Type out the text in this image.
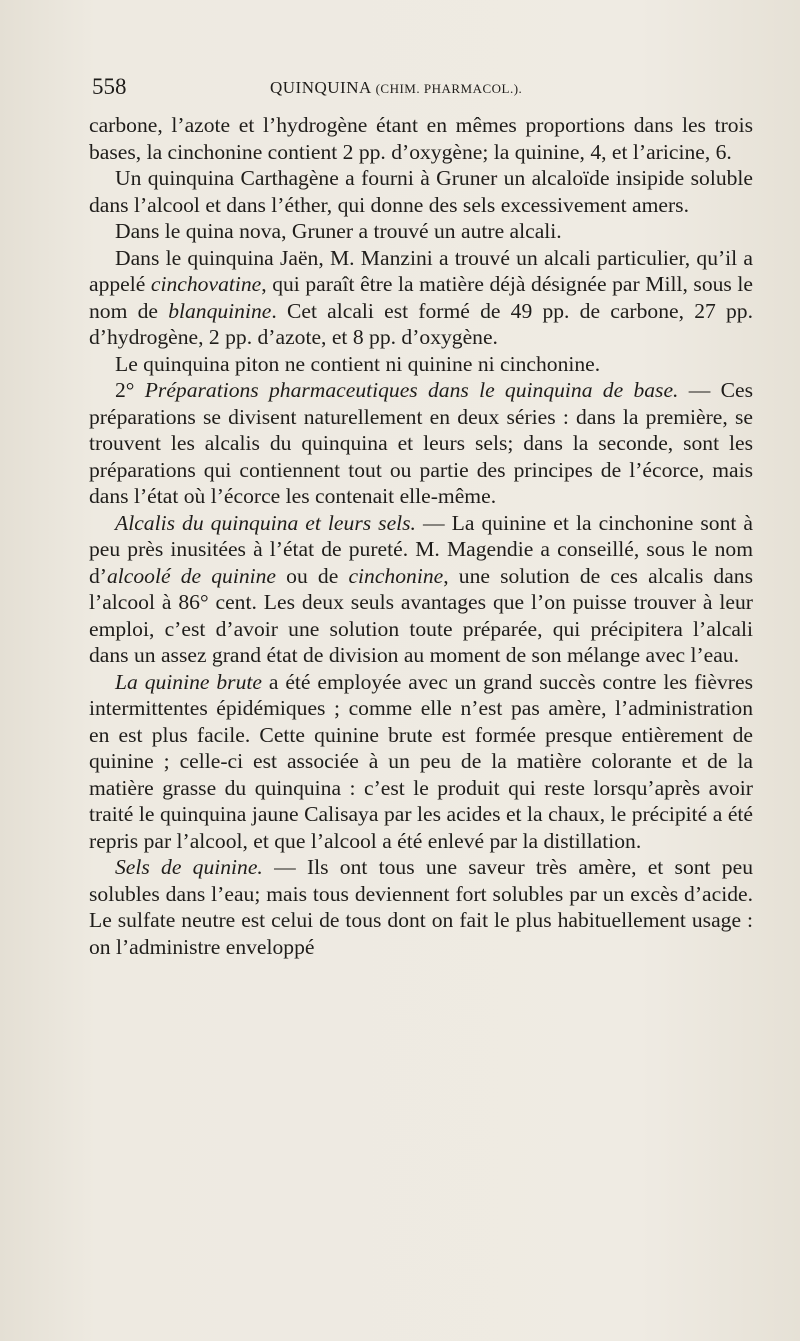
558	QUINQUINA (CHIM. PHARMACOL.).

carbone, l’azote et l’hydrogène étant en mêmes proportions dans les trois bases, la cinchonine contient 2 pp. d’oxygène; la quinine, 4, et l’aricine, 6.

Un quinquina Carthagène a fourni à Gruner un alcaloïde insipide soluble dans l’alcool et dans l’éther, qui donne des sels excessivement amers.

Dans le quina nova, Gruner a trouvé un autre alcali.

Dans le quinquina Jaën, M. Manzini a trouvé un alcali particulier, qu’il a appelé cinchovatine, qui paraît être la matière déjà désignée par Mill, sous le nom de blanquinine. Cet alcali est formé de 49 pp. de carbone, 27 pp. d’hydrogène, 2 pp. d’azote, et 8 pp. d’oxygène.

Le quinquina piton ne contient ni quinine ni cinchonine.

2° Préparations pharmaceutiques dans le quinquina de base. — Ces préparations se divisent naturellement en deux séries : dans la première, se trouvent les alcalis du quinquina et leurs sels; dans la seconde, sont les préparations qui contiennent tout ou partie des principes de l’écorce, mais dans l’état où l’écorce les contenait elle-même.

Alcalis du quinquina et leurs sels. — La quinine et la cinchonine sont à peu près inusitées à l’état de pureté. M. Magendie a conseillé, sous le nom d’alcoolé de quinine ou de cinchonine, une solution de ces alcalis dans l’alcool à 86° cent. Les deux seuls avantages que l’on puisse trouver à leur emploi, c’est d’avoir une solution toute préparée, qui précipitera l’alcali dans un assez grand état de division au moment de son mélange avec l’eau.

La quinine brute a été employée avec un grand succès contre les fièvres intermittentes épidémiques ; comme elle n’est pas amère, l’administration en est plus facile. Cette quinine brute est formée presque entièrement de quinine ; celle-ci est associée à un peu de la matière colorante et de la matière grasse du quinquina : c’est le produit qui reste lorsqu’après avoir traité le quinquina jaune Calisaya par les acides et la chaux, le précipité a été repris par l’alcool, et que l’alcool a été enlevé par la distillation.

Sels de quinine. — Ils ont tous une saveur très amère, et sont peu solubles dans l’eau; mais tous deviennent fort solubles par un excès d’acide. Le sulfate neutre est celui de tous dont on fait le plus habituellement usage : on l’administre enveloppé
